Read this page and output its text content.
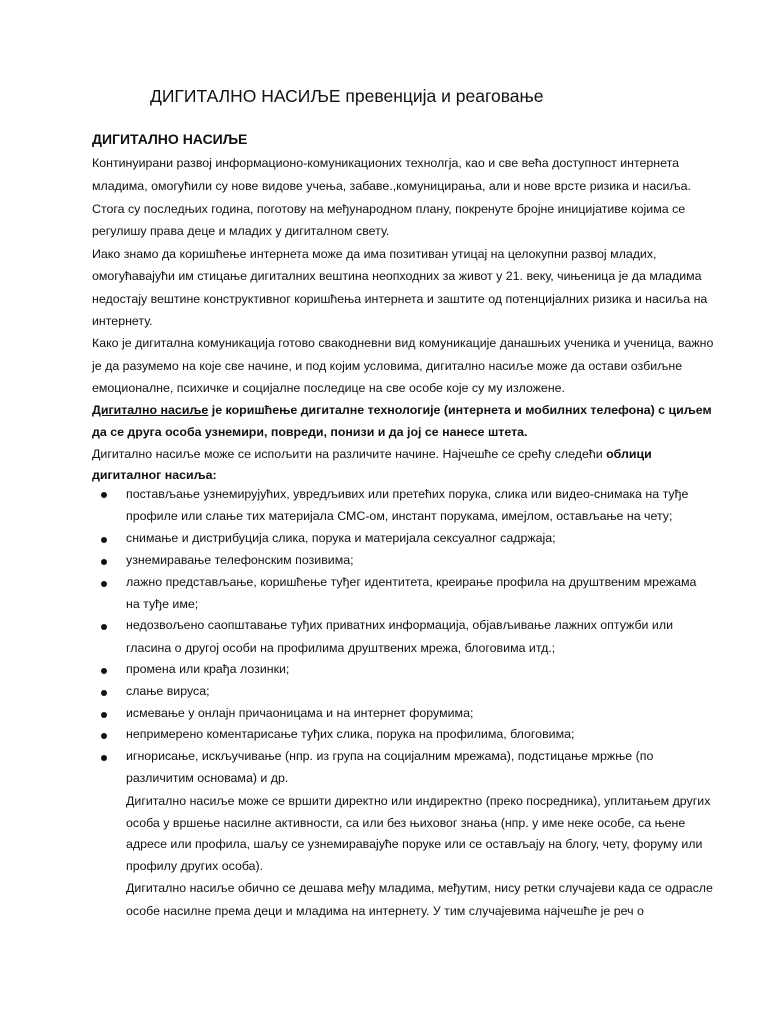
ДИГИТАЛНО НАСИЉЕ превенција и реаговање
ДИГИТАЛНО НАСИЉЕ
Континуирани развој информационо-комуникационих технолгја, као и све већа доступност интернета
младима, омогућили су нове видове учења, забаве.,комуницирања, али и нове врсте ризика и насиља.
Стога су последњих година, поготову на међународном плану, покренуте бројне иницијативе којима се
регулишу права деце и младих у дигиталном свету.
Иако знамо да коришћење интернета може да има позитиван утицај на целокупни развој младих,
омогућавајући им стицање дигиталних вештина неопходних за живот у 21. веку, чињеница је да младима
недостају вештине конструктивног коришћења интернета и заштите од потенцијалних ризика и насиља на
интернету.
Како је дигитална комуникација готово свакодневни вид комуникације данашњих ученика и ученица, важно
је да разумемо на које све начине, и под којим условима, дигитално насиље може да остави озбиљне
емоционалне, психичке и социјалне последице на све особе које су му изложене.
Дигитално насиље је коришћење дигиталне технологије (интернета и мобилних телефона) с циљем
да се друга особа узнемири, повреди, понизи и да јој се нанесе штета.
Дигитално насиље може се испољити на различите начине. Најчешће се срећу следећи облици
дигиталног насиља:
постављање узнемирујућих, увредљивих или претећих порука, слика или видео-снимака на туђе
профиле или слање тих материјала СМС-ом, инстант порукама, имејлом, остављање на чету;
снимање и дистрибуција слика, порука и материјала сексуалног садржаја;
узнемиравање телефонским позивима;
лажно представљање, коришћење туђег идентитета, креирање профила на друштвеним мрежама
на туђе име;
недозвољено саопштавање туђих приватних информација, објављивање лажних оптужби или
гласина о другој особи на профилима друштвених мрежа, блоговима итд.;
промена или крађа лозинки;
слање вируса;
исмевање у онлајн причаоницама и на интернет форумима;
непримерено коментарисање туђих слика, порука на профилима, блоговима;
игнорисање, искључивање (нпр. из група на социјалним мрежама), подстицање мржње (по
различитим основама) и др.
Дигитално насиље може се вршити директно или индиректно (преко посредника), уплитањем других
особа у вршење насилне активности, са или без њиховог знања (нпр. у име неке особе, са њене
адресе или профила, шаљу се узнемиравајуће поруке или се остављају на блогу, чету, форуму или
профилу других особа).
Дигитално насиље обично се дешава међу младима, међутим, нису ретки случајеви када се одрасле
особе насилне према деци и младима на интернету. У тим случајевима најчешће је реч о
